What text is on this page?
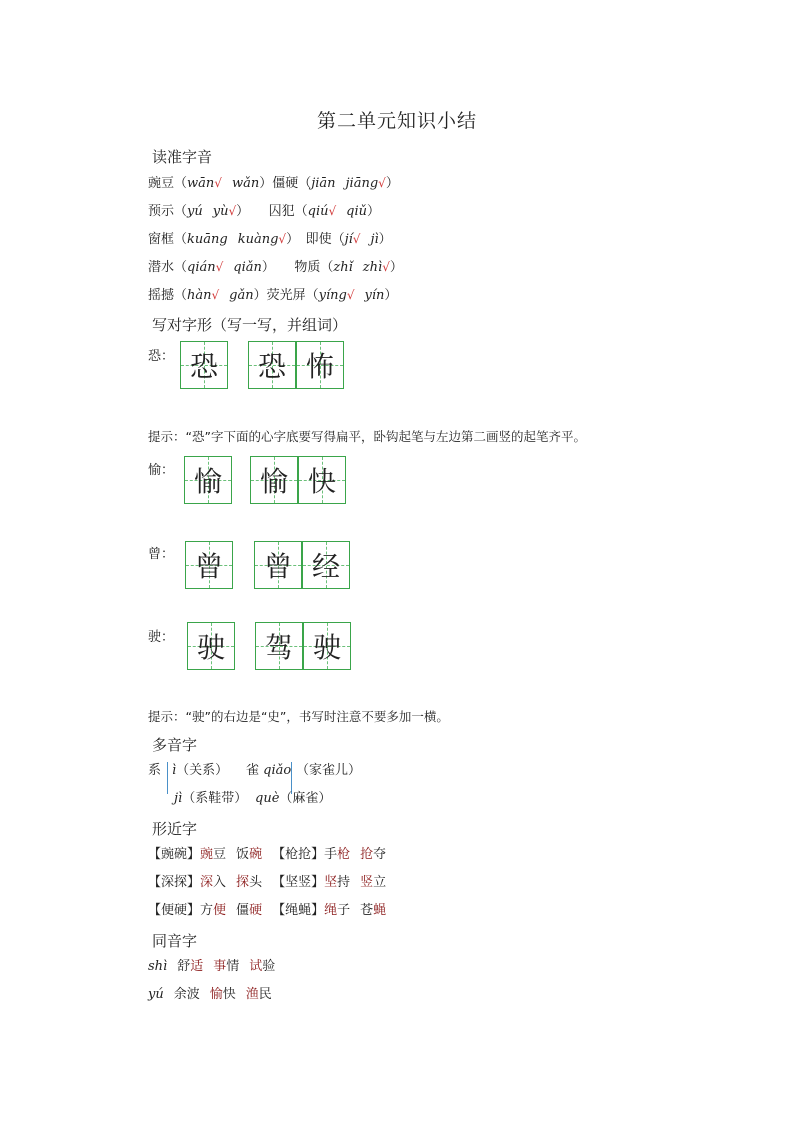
第二单元知识小结
读准字音
豌豆（wān√ wǎn）僵硬（jiān jiāng√）
预示（yú yù√）　　囚犯（qiú√ qiǔ）
窗框（kuāng kuàng√）　即使（jí√ jì）
潜水（qián√ qiǎn）　　物质（zhǐ zhì√）
摇撼（hàn√ gǎn）荧光屏（yíng√ yín）
写对字形（写一写，并组词）
恐： 恐	恐 怖
提示：“恐”字下面的心字底要写得扁平，卧钩起笔与左边第二画竖的起笔齐平。
愉： 愉	愉 快
曾： 曾	曾 经
驶： 驶	驾 驶
提示：“驶”的右边是“史”，书写时注意不要多加一横。
多音字
系 ì（关系）
jì（系鞋带）
雀 qiǎo （家雀儿）
què（麻雀）
形近字
【豌碗】豌豆 饭碗 【枪抢】手枪 抢夺
【深探】深入 探头 【坚竖】坚持 竖立
【便硬】方便 僵硬 【绳蝇】绳子 苍蝇
同音字
shì 舒适 事情 试验
yú 余波 愉快 渔民
